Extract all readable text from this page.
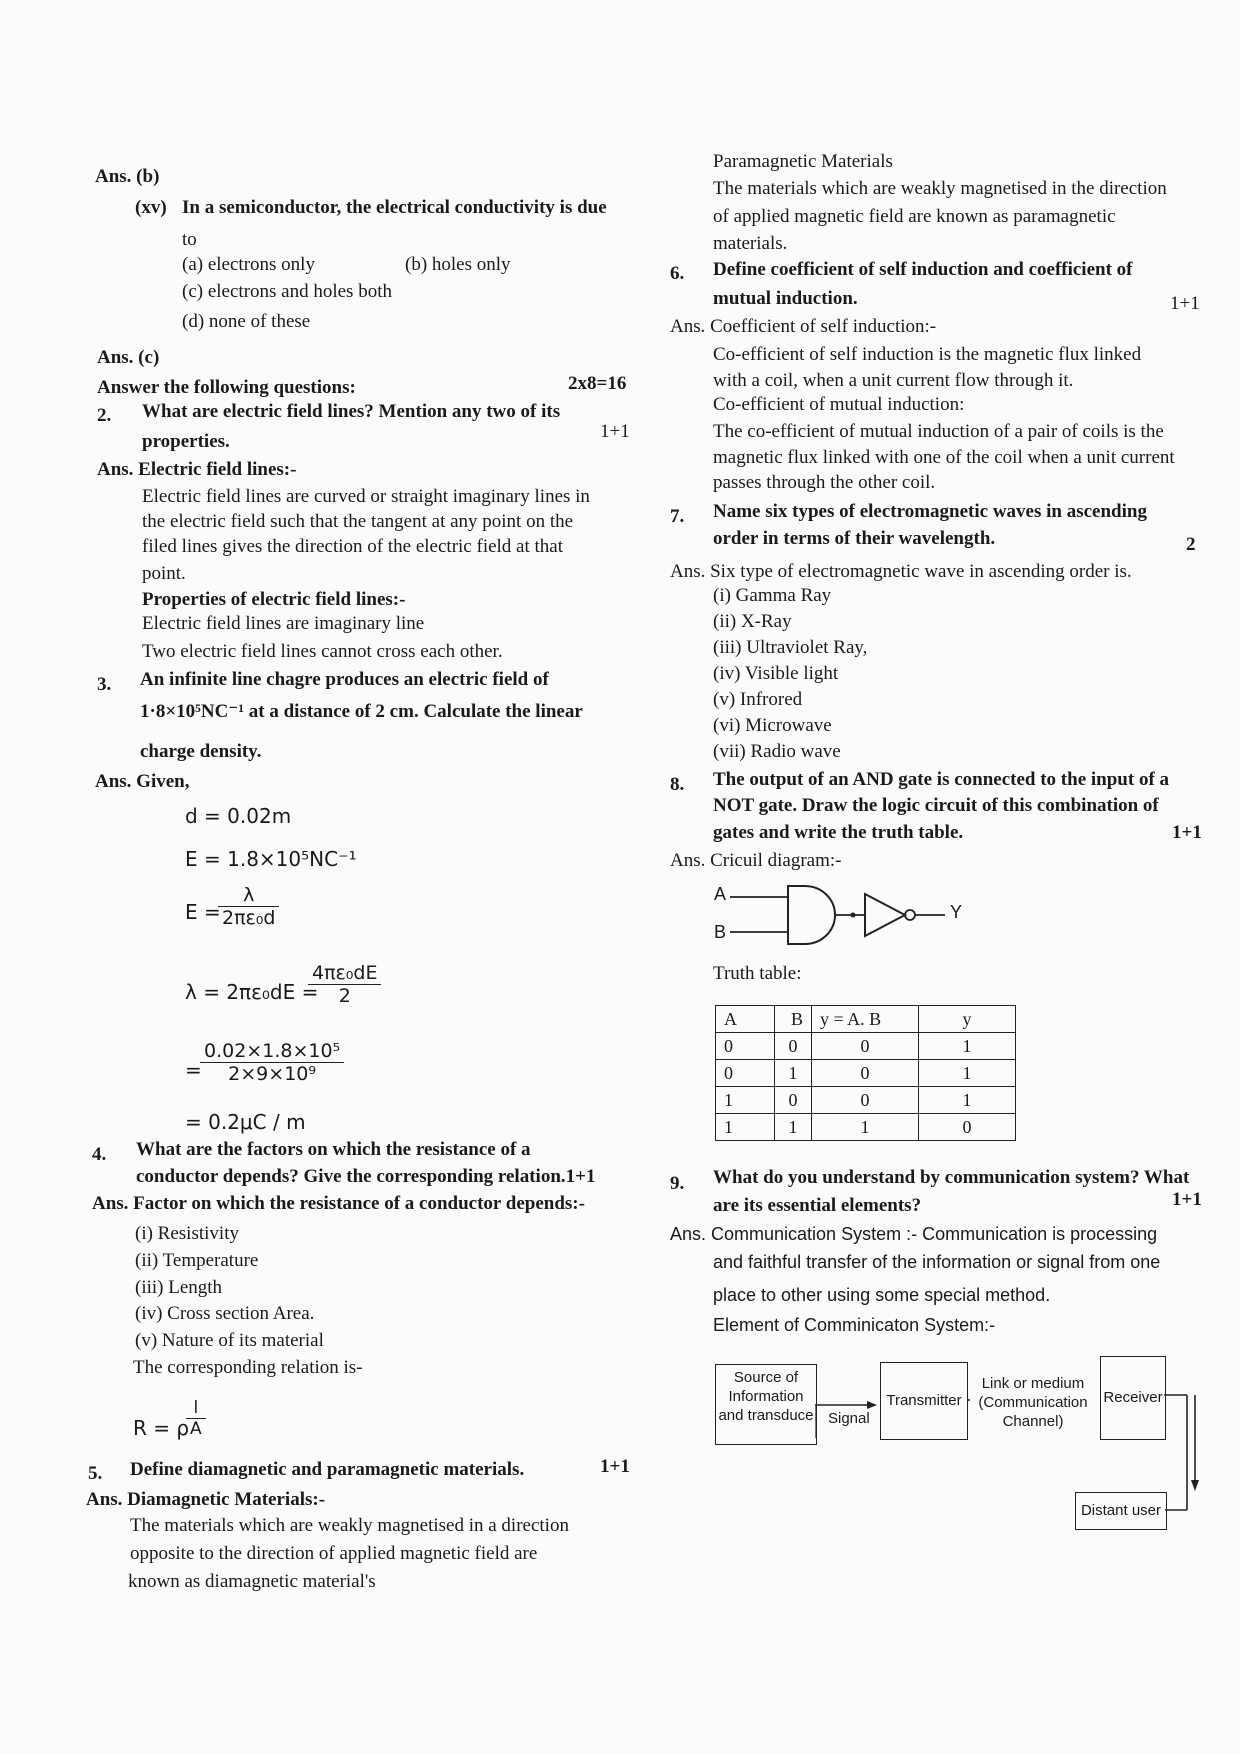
Ans. (b)
(xv) In a semiconductor, the electrical conductivity is due
to
(a) electrons only	(b) holes only
(c) electrons and holes both
(d) none of these
Ans. (c)
Answer the following questions:	2x8=16
2. What are electric field lines? Mention any two of its
properties.	1+1
Ans. Electric field lines:-
Electric field lines are curved or straight imaginary lines in
the electric field such that the tangent at any point on the
filed lines gives the direction of the electric field at that
point.
Properties of electric field lines:-
Electric field lines are imaginary line
Two electric field lines cannot cross each other.
3. An infinite line chagre produces an electric field of
1·8×10⁵NC⁻¹ at a distance of 2 cm. Calculate the linear
charge density.
Ans. Given,
d = 0.02m
E = 1.8×10⁵NC⁻¹
E =
$\frac{\lambda}{\text{2πε₀d}}$
λ = 2πε₀dE =
$\frac{\text{4πε₀dE}}{2}$
=
$\frac{\text{0.02×1.8×10⁵}}{\text{2×9×10⁹}}$
= 0.2μC / m
4. What are the factors on which the resistance of a
conductor depends? Give the corresponding relation.1+1
Ans. Factor on which the resistance of a conductor depends:-
(i) Resistivity
(ii) Temperature
(iii) Length
(iv) Cross section Area.
(v) Nature of its material
The corresponding relation is-
R = ρ
$\frac{l}{A}$
5. Define diamagnetic and paramagnetic materials.	1+1
Ans. Diamagnetic Materials:-
The materials which are weakly magnetised in a direction
opposite to the direction of applied magnetic field are
known as diamagnetic material's
Paramagnetic Materials
The materials which are weakly magnetised in the direction
of applied magnetic field are known as paramagnetic
materials.
6. Define coefficient of self induction and coefficient of
mutual induction.	1+1
Ans. Coefficient of self induction:-
Co-efficient of self induction is the magnetic flux linked
with a coil, when a unit current flow through it.
Co-efficient of mutual induction:
The co-efficient of mutual induction of a pair of coils is the
magnetic flux linked with one of the coil when a unit current
passes through the other coil.
7. Name six types of electromagnetic waves in ascending
order in terms of their wavelength.	2
Ans. Six type of electromagnetic wave in ascending order is.
(i) Gamma Ray
(ii) X-Ray
(iii) Ultraviolet Ray,
(iv) Visible light
(v) Infrored
(vi) Microwave
(vii) Radio wave
8. The output of an AND gate is connected to the input of a
NOT gate. Draw the logic circuit of this combination of
gates and write the truth table.	1+1
Ans. Cricuil diagram:-
A
B
Y
Truth table:
A	B	y = A. B	y
0	0	0	1
0	1	0	1
1	0	0	1
1	1	1	0
9. What do you understand by communication system? What
are its essential elements?	1+1
Ans. Communication System :- Communication is processing
and faithful transfer of the information or signal from one
place to other using some special method.
Element of Comminicaton System:-
Source of
Information
and transduce Signal
Transmitter
Link or medium
(Communication
Channel)
Receiver
Distant user
